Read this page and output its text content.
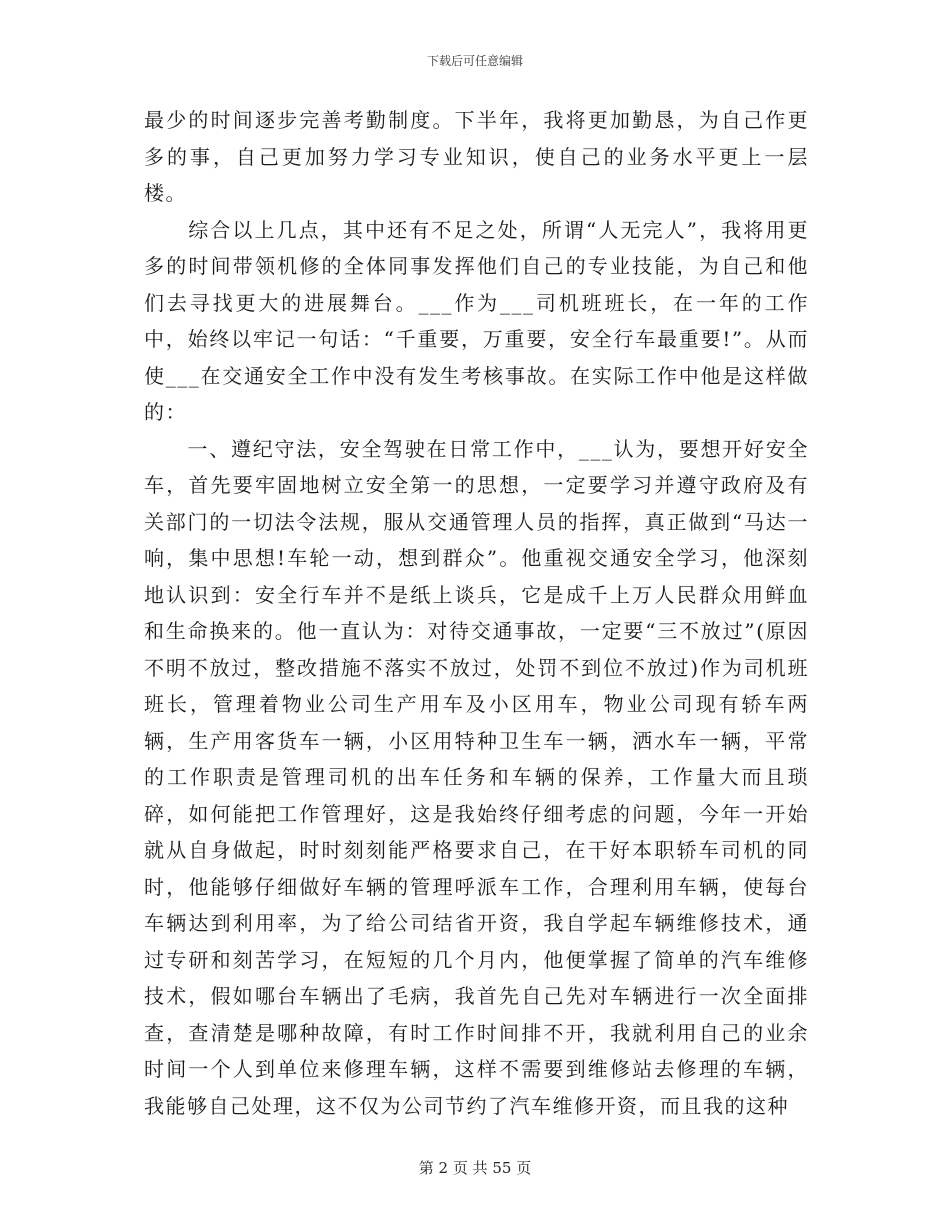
下载后可任意编辑

最少的时间逐步完善考勤制度。下半年，我将更加勤恳，为自己作更多的事，自己更加努力学习专业知识，使自己的业务水平更上一层楼。

　　综合以上几点，其中还有不足之处，所谓“人无完人”，我将用更多的时间带领机修的全体同事发挥他们自己的专业技能，为自己和他们去寻找更大的进展舞台。___作为___司机班班长，在一年的工作中，始终以牢记一句话：“千重要，万重要，安全行车最重要!”。从而使___在交通安全工作中没有发生考核事故。在实际工作中他是这样做的：

　　一、遵纪守法，安全驾驶在日常工作中，___认为，要想开好安全车，首先要牢固地树立安全第一的思想，一定要学习并遵守政府及有关部门的一切法令法规，服从交通管理人员的指挥，真正做到“马达一响，集中思想!车轮一动，想到群众”。他重视交通安全学习，他深刻地认识到：安全行车并不是纸上谈兵，它是成千上万人民群众用鲜血和生命换来的。他一直认为：对待交通事故，一定要“三不放过”(原因不明不放过，整改措施不落实不放过，处罚不到位不放过)作为司机班班长，管理着物业公司生产用车及小区用车，物业公司现有轿车两辆，生产用客货车一辆，小区用特种卫生车一辆，洒水车一辆，平常的工作职责是管理司机的出车任务和车辆的保养，工作量大而且琐碎，如何能把工作管理好，这是我始终仔细考虑的问题，今年一开始就从自身做起，时时刻刻能严格要求自己，在干好本职轿车司机的同时，他能够仔细做好车辆的管理呼派车工作，合理利用车辆，使每台车辆达到利用率，为了给公司结省开资，我自学起车辆维修技术，通过专研和刻苦学习，在短短的几个月内，他便掌握了简单的汽车维修技术，假如哪台车辆出了毛病，我首先自己先对车辆进行一次全面排查，查清楚是哪种故障，有时工作时间排不开，我就利用自己的业余时间一个人到单位来修理车辆，这样不需要到维修站去修理的车辆，我能够自己处理，这不仅为公司节约了汽车维修开资，而且我的这种

第 2 页 共 55 页
